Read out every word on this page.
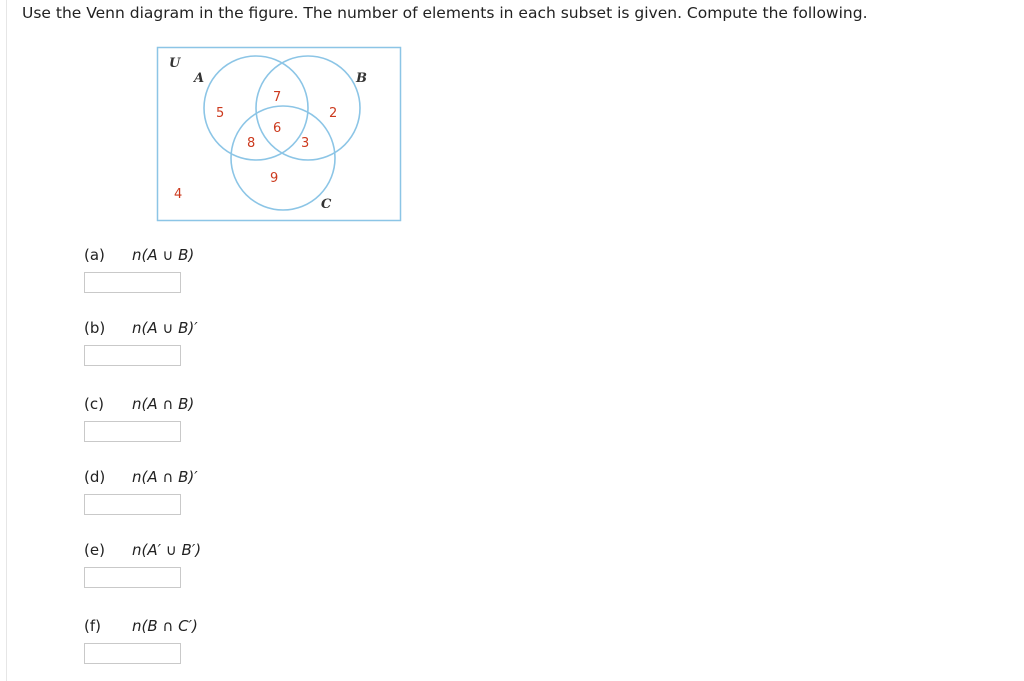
Use the Venn diagram in the figure. The number of elements in each subset is given. Compute the following.
U
A	B
C
5
7
2
6
8	3
9
4
(a) n(A ∪ B)
(b) n(A ∪ B)′
(c) n(A ∩ B)
(d) n(A ∩ B)′
(e) n(A′ ∪ B′)
(f) n(B ∩ C′)
